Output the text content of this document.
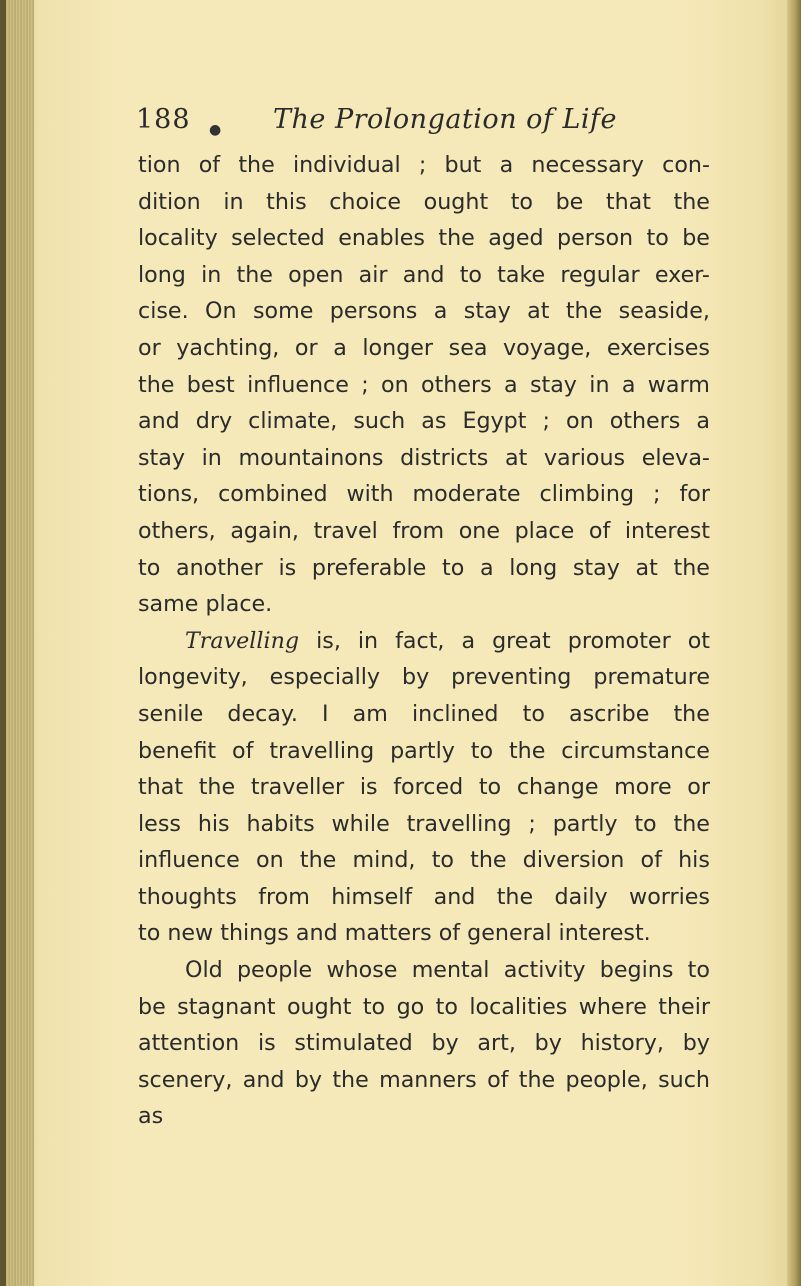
188 ● The Prolongation of Life
tion of the individual ; but a necessary con-
dition in this choice ought to be that the
locality selected enables the aged person to be
long in the open air and to take regular exer-
cise. On some persons a stay at the seaside,
or yachting, or a longer sea voyage, exercises
the best influence ; on others a stay in a warm
and dry climate, such as Egypt ; on others a
stay in mountainons districts at various eleva-
tions, combined with moderate climbing ; for
others, again, travel from one place of interest
to another is preferable to a long stay at the
same place.
Travelling is, in fact, a great promoter ot
longevity, especially by preventing premature
senile decay. I am inclined to ascribe the
benefit of travelling partly to the circumstance
that the traveller is forced to change more or
less his habits while travelling ; partly to the
influence on the mind, to the diversion of his
thoughts from himself and the daily worries
to new things and matters of general interest.
Old people whose mental activity begins to
be stagnant ought to go to localities where their
attention is stimulated by art, by history, by
scenery, and by the manners of the people, such
as
